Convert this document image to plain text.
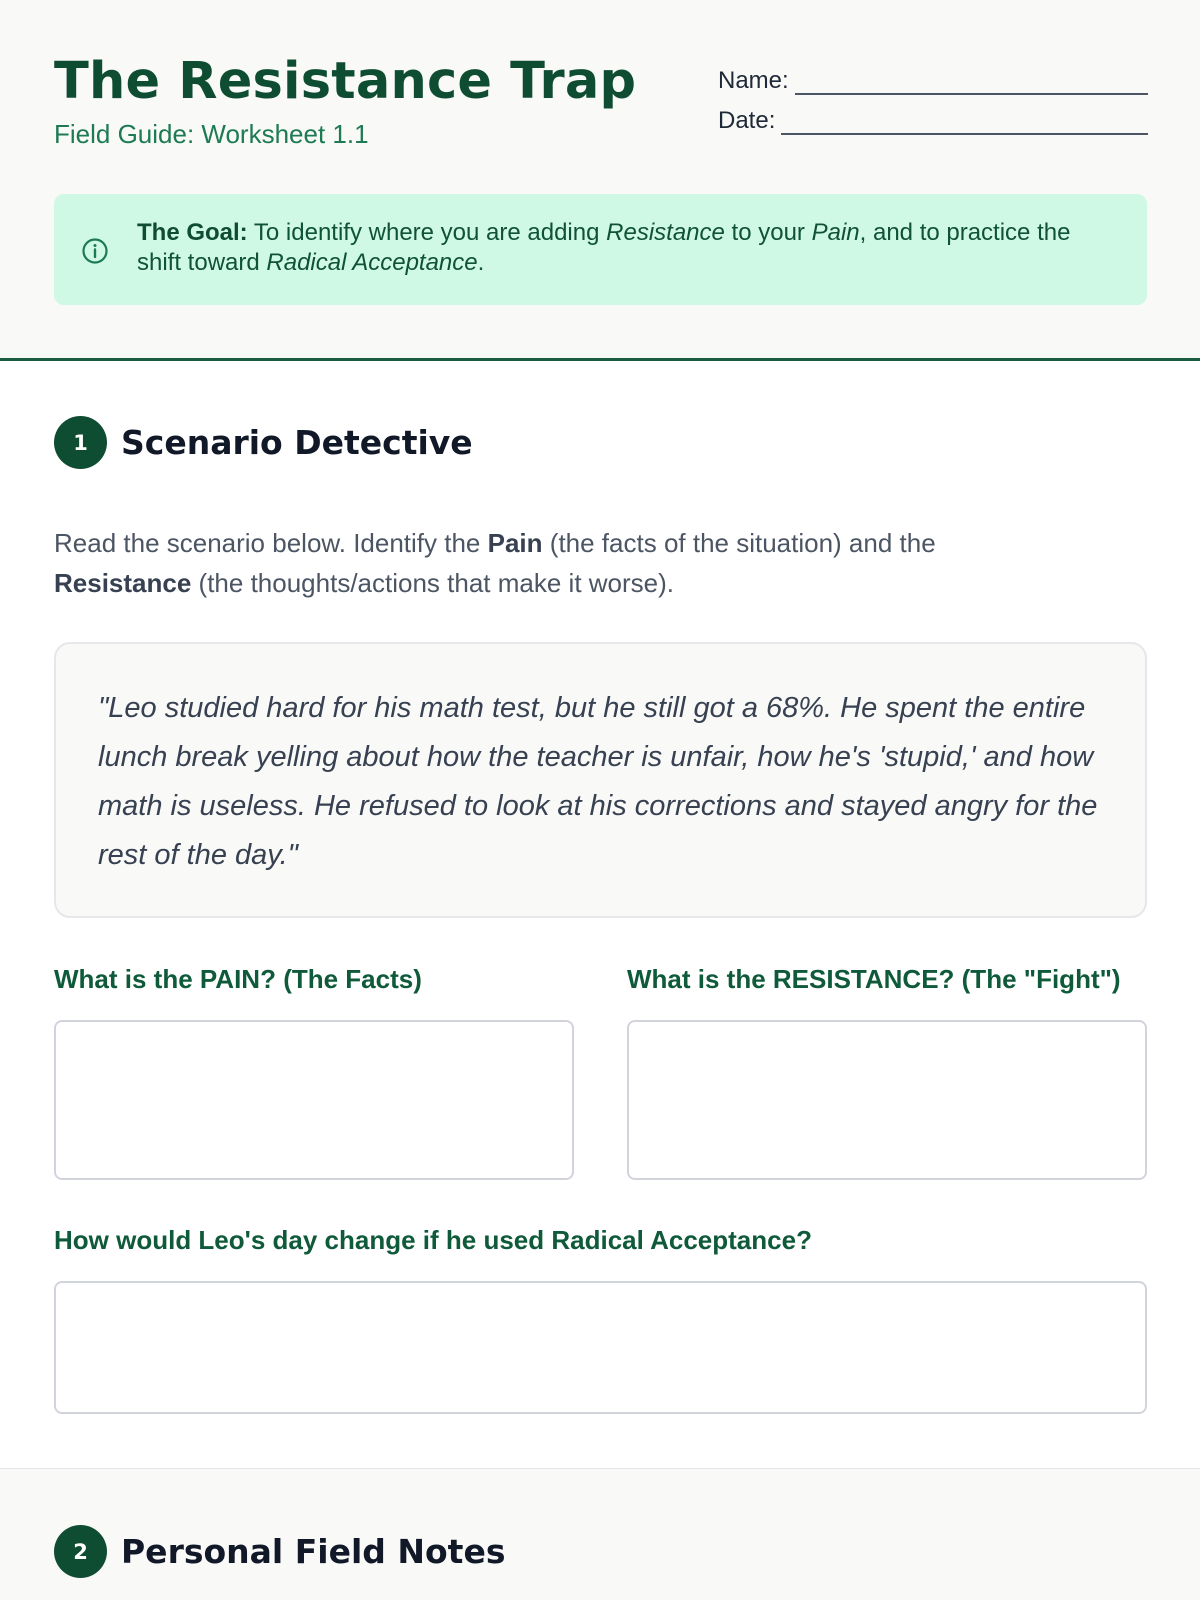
The Resistance Trap
Field Guide: Worksheet 1.1
Name:
Date:
The Goal: To identify where you are adding Resistance to your Pain, and to practice the shift toward Radical Acceptance.
1	Scenario Detective
Read the scenario below. Identify the Pain (the facts of the situation) and the
Resistance (the thoughts/actions that make it worse).
"Leo studied hard for his math test, but he still got a 68%. He spent the entire lunch break yelling about how the teacher is unfair, how he's 'stupid,' and how math is useless. He refused to look at his corrections and stayed angry for the rest of the day."
What is the PAIN? (The Facts)	What is the RESISTANCE? (The "Fight")
How would Leo's day change if he used Radical Acceptance?
2	Personal Field Notes
